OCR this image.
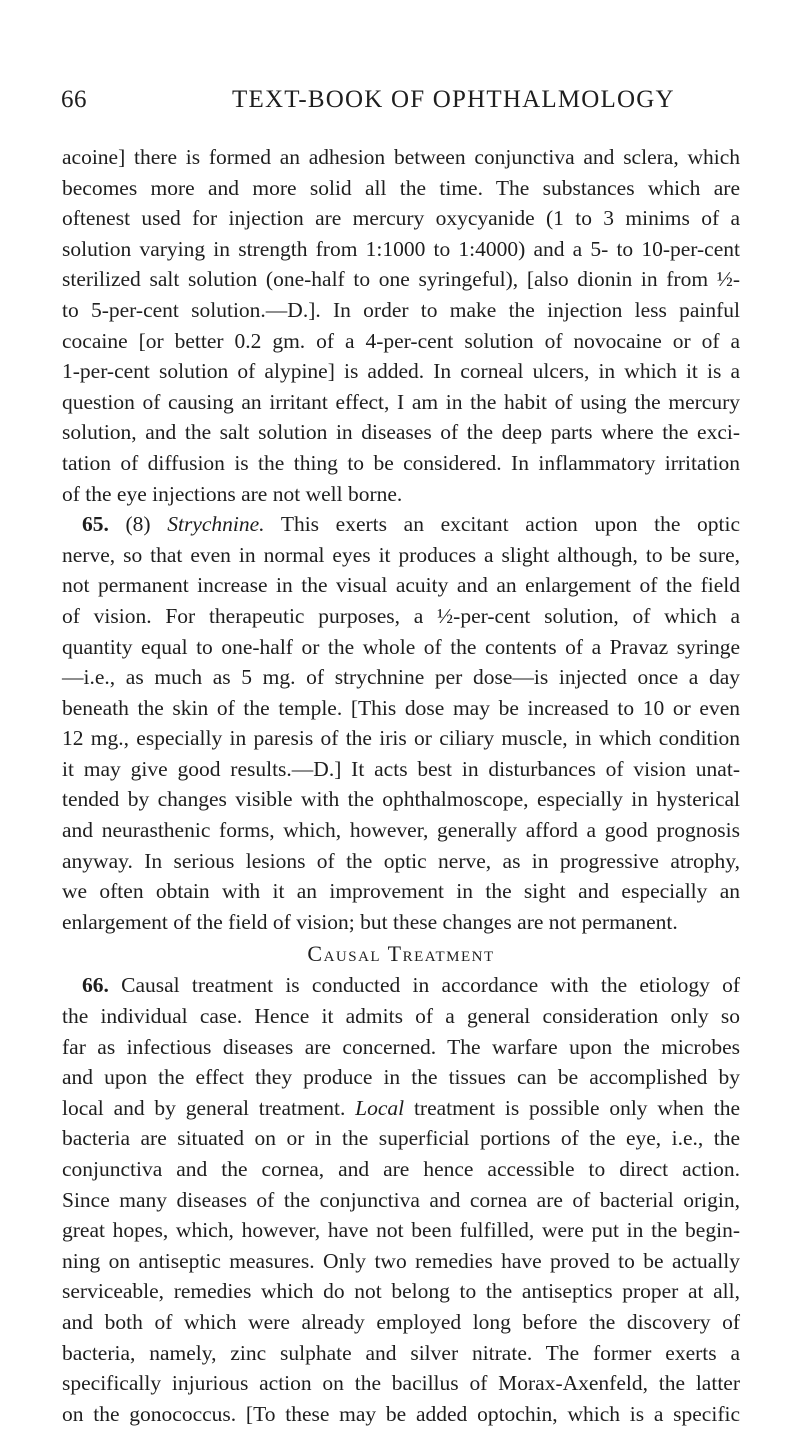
66	TEXT-BOOK OF OPHTHALMOLOGY
acoine] there is formed an adhesion between conjunctiva and sclera, which
becomes more and more solid all the time. The substances which are
oftenest used for injection are mercury oxycyanide (1 to 3 minims of a
solution varying in strength from 1:1000 to 1:4000) and a 5- to 10-per-cent
sterilized salt solution (one-half to one syringeful), [also dionin in from ½-
to 5-per-cent solution.—D.]. In order to make the injection less painful
cocaine [or better 0.2 gm. of a 4-per-cent solution of novocaine or of a
1-per-cent solution of alypine] is added. In corneal ulcers, in which it is a
question of causing an irritant effect, I am in the habit of using the mercury
solution, and the salt solution in diseases of the deep parts where the exci-
tation of diffusion is the thing to be considered. In inflammatory irritation
of the eye injections are not well borne.
65. (8) Strychnine. This exerts an excitant action upon the optic
nerve, so that even in normal eyes it produces a slight although, to be sure,
not permanent increase in the visual acuity and an enlargement of the field
of vision. For therapeutic purposes, a ½-per-cent solution, of which a
quantity equal to one-half or the whole of the contents of a Pravaz syringe
—i.e., as much as 5 mg. of strychnine per dose—is injected once a day
beneath the skin of the temple. [This dose may be increased to 10 or even
12 mg., especially in paresis of the iris or ciliary muscle, in which condition
it may give good results.—D.] It acts best in disturbances of vision unat-
tended by changes visible with the ophthalmoscope, especially in hysterical
and neurasthenic forms, which, however, generally afford a good prognosis
anyway. In serious lesions of the optic nerve, as in progressive atrophy,
we often obtain with it an improvement in the sight and especially an
enlargement of the field of vision; but these changes are not permanent.
Causal Treatment
66. Causal treatment is conducted in accordance with the etiology of
the individual case. Hence it admits of a general consideration only so
far as infectious diseases are concerned. The warfare upon the microbes
and upon the effect they produce in the tissues can be accomplished by
local and by general treatment. Local treatment is possible only when the
bacteria are situated on or in the superficial portions of the eye, i.e., the
conjunctiva and the cornea, and are hence accessible to direct action.
Since many diseases of the conjunctiva and cornea are of bacterial origin,
great hopes, which, however, have not been fulfilled, were put in the begin-
ning on antiseptic measures. Only two remedies have proved to be actually
serviceable, remedies which do not belong to the antiseptics proper at all,
and both of which were already employed long before the discovery of
bacteria, namely, zinc sulphate and silver nitrate. The former exerts a
specifically injurious action on the bacillus of Morax-Axenfeld, the latter
on the gonococcus. [To these may be added optochin, which is a specific
